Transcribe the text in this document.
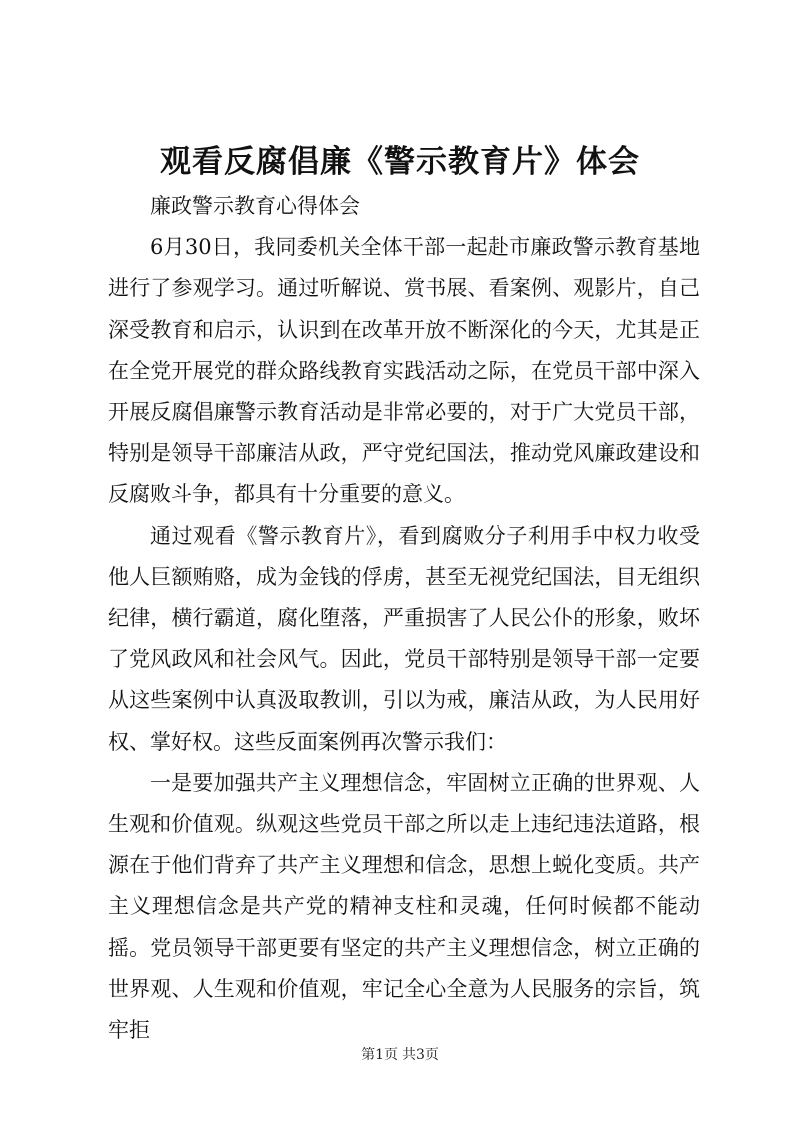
观看反腐倡廉《警示教育片》体会

廉政警示教育心得体会

6月30日，我同委机关全体干部一起赴市廉政警示教育基地进行了参观学习。通过听解说、赏书展、看案例、观影片，自己深受教育和启示，认识到在改革开放不断深化的今天，尤其是正在全党开展党的群众路线教育实践活动之际，在党员干部中深入开展反腐倡廉警示教育活动是非常必要的，对于广大党员干部，特别是领导干部廉洁从政，严守党纪国法，推动党风廉政建设和反腐败斗争，都具有十分重要的意义。

通过观看《警示教育片》，看到腐败分子利用手中权力收受他人巨额贿赂，成为金钱的俘虏，甚至无视党纪国法，目无组织纪律，横行霸道，腐化堕落，严重损害了人民公仆的形象，败坏了党风政风和社会风气。因此，党员干部特别是领导干部一定要从这些案例中认真汲取教训，引以为戒，廉洁从政，为人民用好权、掌好权。这些反面案例再次警示我们：

一是要加强共产主义理想信念，牢固树立正确的世界观、人生观和价值观。纵观这些党员干部之所以走上违纪违法道路，根源在于他们背弃了共产主义理想和信念，思想上蜕化变质。共产主义理想信念是共产党的精神支柱和灵魂，任何时候都不能动摇。党员领导干部更要有坚定的共产主义理想信念，树立正确的世界观、人生观和价值观，牢记全心全意为人民服务的宗旨，筑牢拒

第1页 共3页
